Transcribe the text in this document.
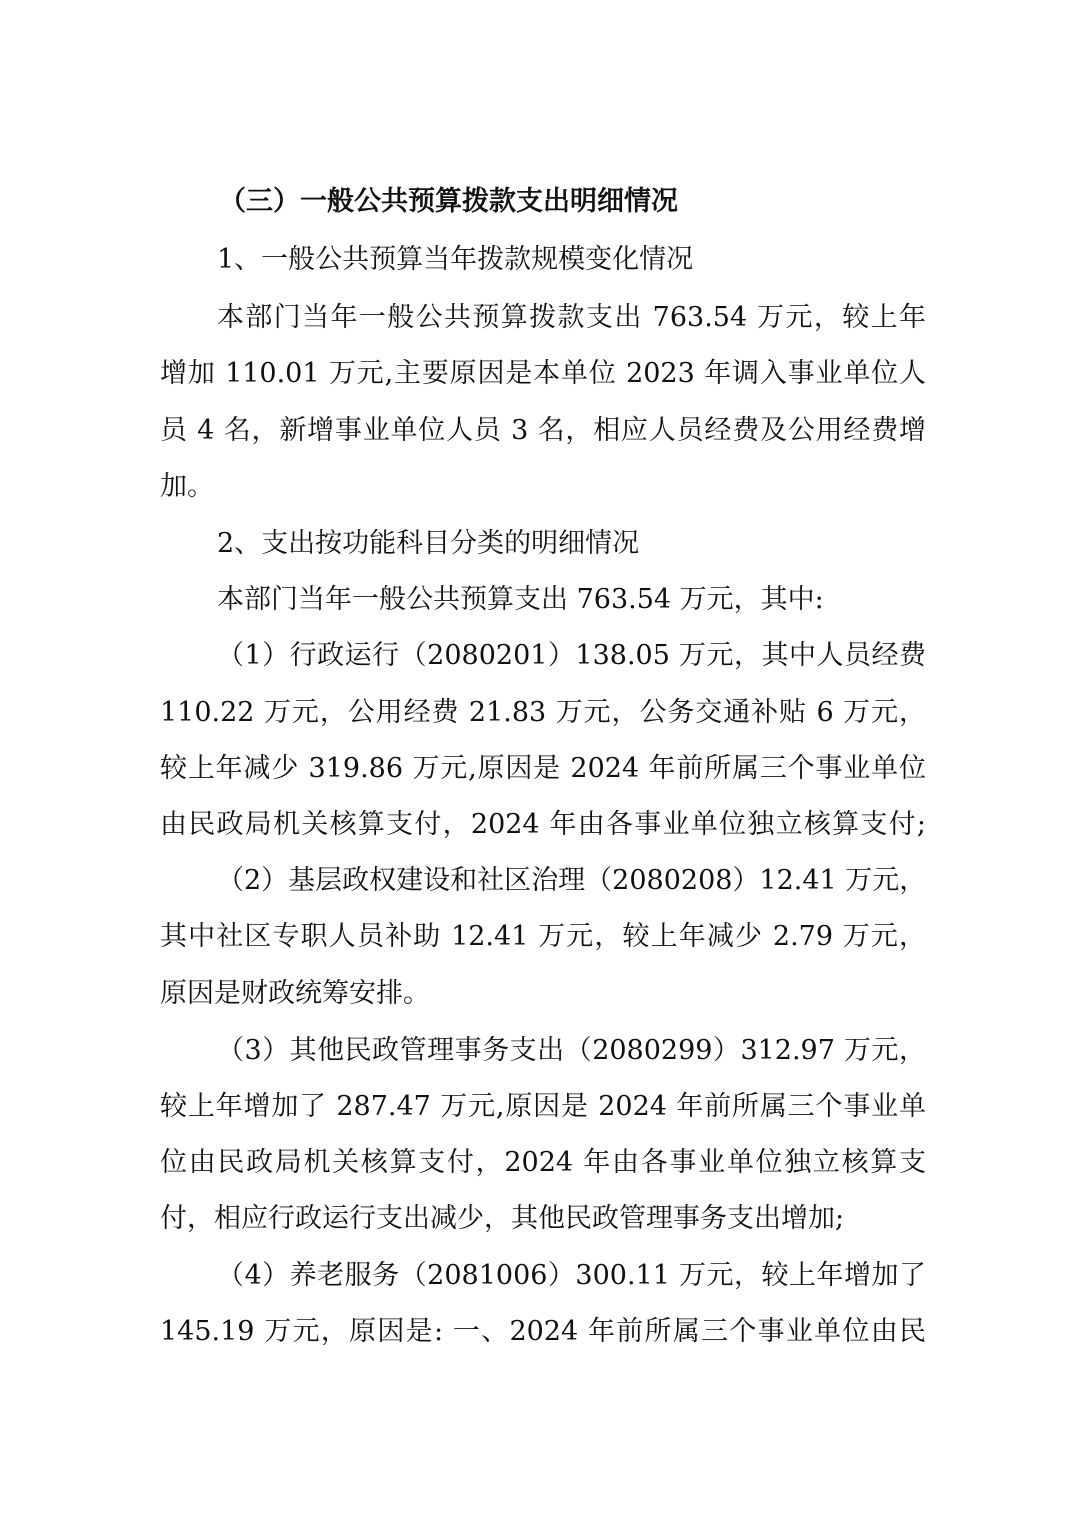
（三）一般公共预算拨款支出明细情况
1、一般公共预算当年拨款规模变化情况
本部门当年一般公共预算拨款支出 763.54 万元，较上年
增加 110.01 万元,主要原因是本单位 2023 年调入事业单位人
员 4 名，新增事业单位人员 3 名，相应人员经费及公用经费增
加。
2、支出按功能科目分类的明细情况
本部门当年一般公共预算支出 763.54 万元，其中:
（1）行政运行（2080201）138.05 万元，其中人员经费
110.22 万元，公用经费 21.83 万元，公务交通补贴 6 万元，
较上年减少 319.86 万元,原因是 2024 年前所属三个事业单位
由民政局机关核算支付，2024 年由各事业单位独立核算支付;
（2）基层政权建设和社区治理（2080208）12.41 万元，
其中社区专职人员补助 12.41 万元，较上年减少 2.79 万元，
原因是财政统筹安排。
（3）其他民政管理事务支出（2080299）312.97 万元，
较上年增加了 287.47 万元,原因是 2024 年前所属三个事业单
位由民政局机关核算支付，2024 年由各事业单位独立核算支
付，相应行政运行支出减少，其他民政管理事务支出增加;
（4）养老服务（2081006）300.11 万元，较上年增加了
145.19 万元，原因是: 一、2024 年前所属三个事业单位由民
